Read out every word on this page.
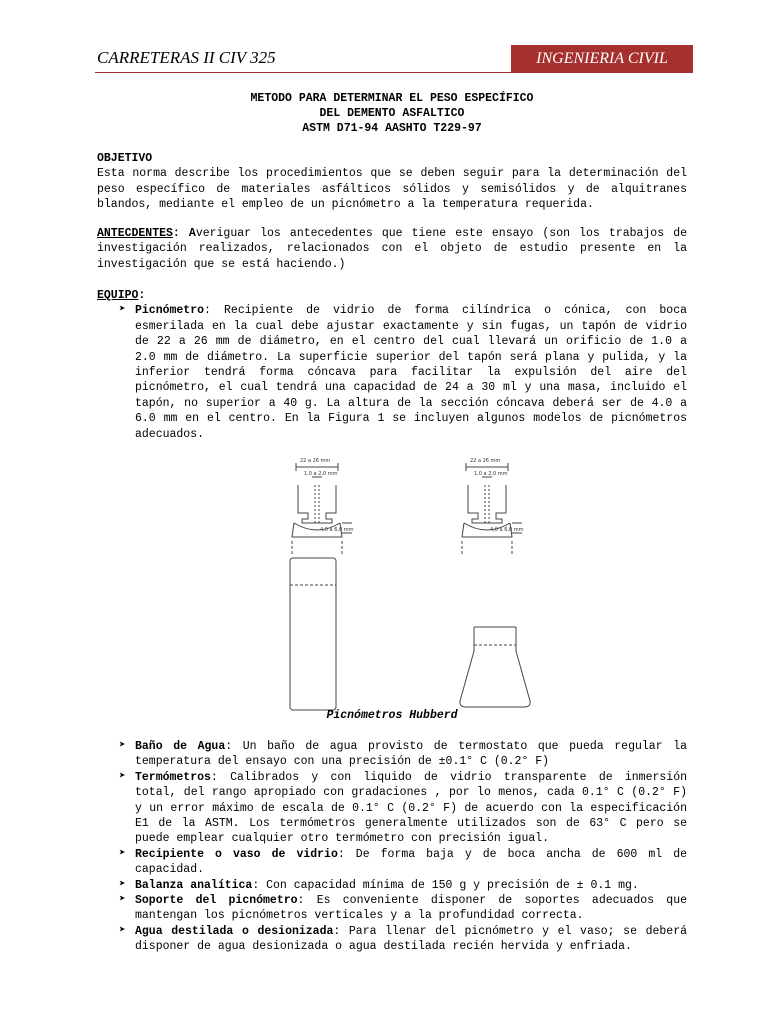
CARRETERAS II CIV 325	INGENIERIA CIVIL
METODO PARA DETERMINAR EL PESO ESPECÍFICO
DEL DEMENTO ASFALTICO
ASTM D71-94 AASHTO T229-97
OBJETIVO
Esta norma describe los procedimientos que se deben seguir para la determinación del peso específico de materiales asfálticos sólidos y semisólidos y de alquitranes blandos, mediante el empleo de un picnómetro a la temperatura requerida.
ANTECDENTES: Averiguar los antecedentes que tiene este ensayo (son los trabajos de investigación realizados, relacionados con el objeto de estudio presente en la investigación que se está haciendo.)
EQUIPO:
➤ Picnómetro: Recipiente de vidrio de forma cilíndrica o cónica, con boca esmerilada en la cual debe ajustar exactamente y sin fugas, un tapón de vidrio de 22 a 26 mm de diámetro, en el centro del cual llevará un orificio de 1.0 a 2.0 mm de diámetro. La superficie superior del tapón será plana y pulida, y la inferior tendrá forma cóncava para facilitar la expulsión del aire del picnómetro, el cual tendrá una capacidad de 24 a 30 ml y una masa, incluido el tapón, no superior a 40 g. La altura de la sección cóncava deberá ser de 4.0 a 6.0 mm en el centro. En la Figura 1 se incluyen algunos modelos de picnómetros adecuados.
22 a 26 mm
1,0 a 2,0 mm
4,0 a 6,0 mm
22 a 26 mm
1,0 a 2,0 mm
4,0 a 6,0 mm
Picnómetros Hubberd
➤ Baño de Agua: Un baño de agua provisto de termostato que pueda regular la temperatura del ensayo con una precisión de ±0.1° C (0.2° F)
➤ Termómetros: Calibrados y con liquido de vidrio transparente de inmersión total, del rango apropiado con gradaciones , por lo menos, cada 0.1° C (0.2° F) y un error máximo de escala de 0.1° C (0.2° F) de acuerdo con la especificación E1 de la ASTM. Los termómetros generalmente utilizados son de 63° C pero se puede emplear cualquier otro termómetro con precisión igual.
➤ Recipiente o vaso de vidrio: De forma baja y de boca ancha de 600 ml de capacidad.
➤ Balanza analítica: Con capacidad mínima de 150 g y precisión de ± 0.1 mg.
➤ Soporte del picnómetro: Es conveniente disponer de soportes adecuados que mantengan los picnómetros verticales y a la profundidad correcta.
➤ Agua destilada o desionizada: Para llenar del picnómetro y el vaso; se deberá disponer de agua desionizada o agua destilada recién hervida y enfriada.
